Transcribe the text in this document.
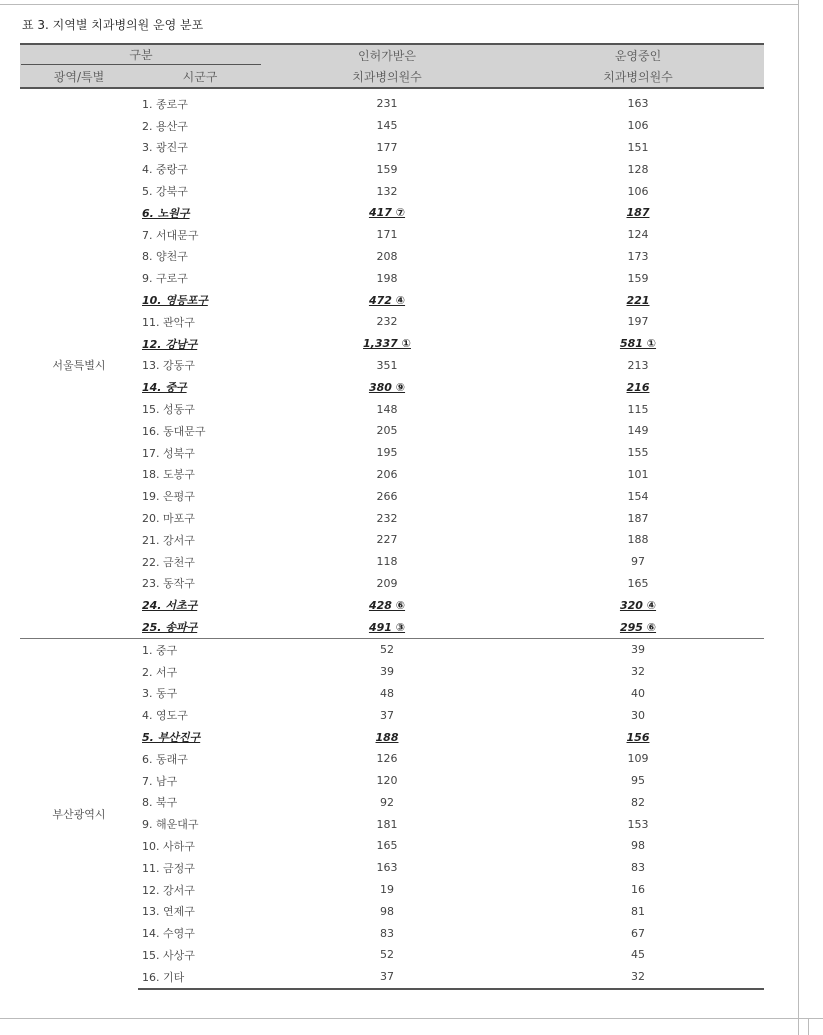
표 3. 지역별 치과병의원 운영 분포
구분		인허가받은	운영중인
광역/특별	시군구	치과병의원수	치과병의원수

서울특별시	1. 종로구	231	163
	2. 용산구	145	106
	3. 광진구	177	151
	4. 중랑구	159	128
	5. 강북구	132	106
	6. 노원구	417 ⑦	187
	7. 서대문구	171	124
	8. 양천구	208	173
	9. 구로구	198	159
	10. 영등포구	472 ④	221
	11. 관악구	232	197
	12. 강남구	1,337 ①	581 ①
	13. 강동구	351	213
	14. 중구	380 ⑨	216
	15. 성동구	148	115
	16. 동대문구	205	149
	17. 성북구	195	155
	18. 도봉구	206	101
	19. 은평구	266	154
	20. 마포구	232	187
	21. 강서구	227	188
	22. 금천구	118	97
	23. 동작구	209	165
	24. 서초구	428 ⑥	320 ④
	25. 송파구	491 ③	295 ⑥
부산광역시	1. 중구	52	39
	2. 서구	39	32
	3. 동구	48	40
	4. 영도구	37	30
	5. 부산진구	188	156
	6. 동래구	126	109
	7. 남구	120	95
	8. 북구	92	82
	9. 해운대구	181	153
	10. 사하구	165	98
	11. 금정구	163	83
	12. 강서구	19	16
	13. 연제구	98	81
	14. 수영구	83	67
	15. 사상구	52	45
	16. 기타	37	32
